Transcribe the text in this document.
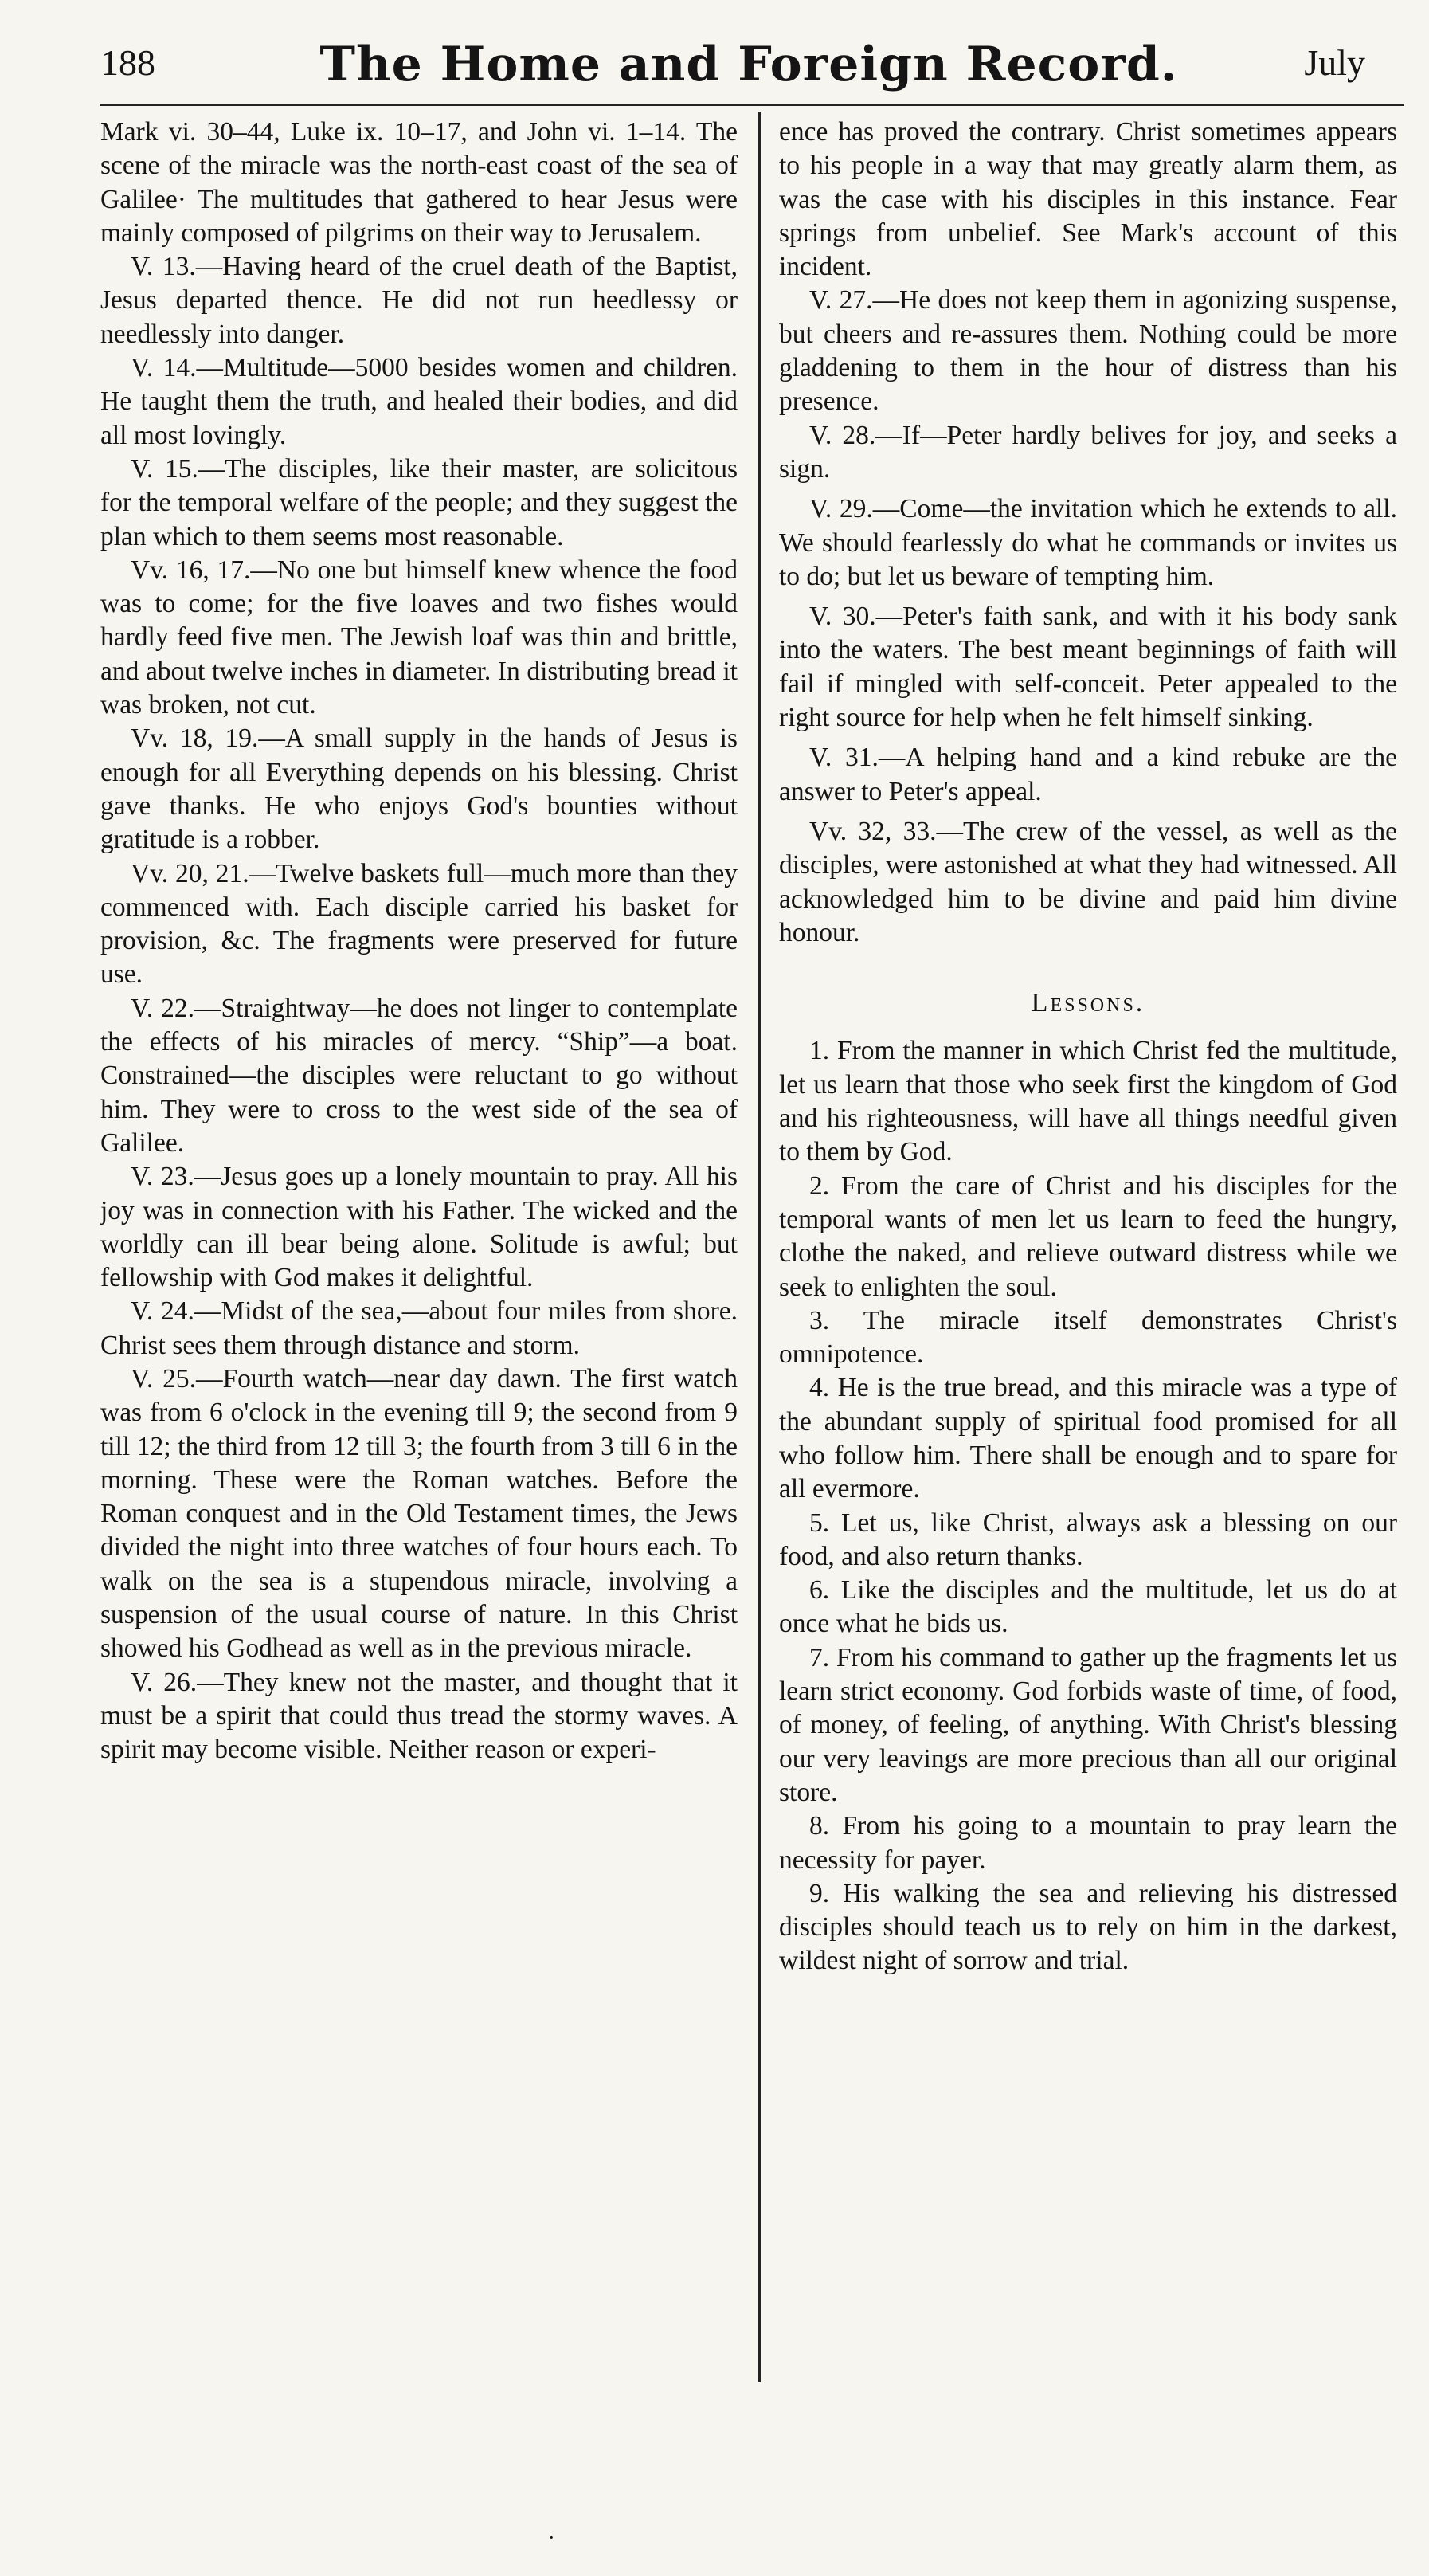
188	The Home and Foreign Record.	July

Mark vi. 30–44, Luke ix. 10–17, and John vi. 1–14. The scene of the miracle was the north-east coast of the sea of Galilee· The multitudes that gathered to hear Jesus were mainly composed of pilgrims on their way to Jerusalem.

V. 13.—Having heard of the cruel death of the Baptist, Jesus departed thence. He did not run heedlessy or needlessly into danger.

V. 14.—Multitude—5000 besides women and children. He taught them the truth, and healed their bodies, and did all most lovingly.

V. 15.—The disciples, like their master, are solicitous for the temporal welfare of the people; and they suggest the plan which to them seems most reasonable.

Vv. 16, 17.—No one but himself knew whence the food was to come; for the five loaves and two fishes would hardly feed five men. The Jewish loaf was thin and brittle, and about twelve inches in diameter. In distributing bread it was broken, not cut.

Vv. 18, 19.—A small supply in the hands of Jesus is enough for all Everything depends on his blessing. Christ gave thanks. He who enjoys God's bounties without gratitude is a robber.

Vv. 20, 21.—Twelve baskets full—much more than they commenced with. Each disciple carried his basket for provision, &c. The fragments were preserved for future use.

V. 22.—Straightway—he does not linger to contemplate the effects of his miracles of mercy. “Ship”—a boat. Constrained—the disciples were reluctant to go without him. They were to cross to the west side of the sea of Galilee.

V. 23.—Jesus goes up a lonely mountain to pray. All his joy was in connection with his Father. The wicked and the worldly can ill bear being alone. Solitude is awful; but fellowship with God makes it delightful.

V. 24.—Midst of the sea,—about four miles from shore. Christ sees them through distance and storm.

V. 25.—Fourth watch—near day dawn. The first watch was from 6 o'clock in the evening till 9; the second from 9 till 12; the third from 12 till 3; the fourth from 3 till 6 in the morning. These were the Roman watches. Before the Roman conquest and in the Old Testament times, the Jews divided the night into three watches of four hours each. To walk on the sea is a stupendous miracle, involving a suspension of the usual course of nature. In this Christ showed his Godhead as well as in the previous miracle.

V. 26.—They knew not the master, and thought that it must be a spirit that could thus tread the stormy waves. A spirit may become visible. Neither reason or experi-

ence has proved the contrary. Christ sometimes appears to his people in a way that may greatly alarm them, as was the case with his disciples in this instance. Fear springs from unbelief. See Mark's account of this incident.

V. 27.—He does not keep them in agonizing suspense, but cheers and re-assures them. Nothing could be more gladdening to them in the hour of distress than his presence.

V. 28.—If—Peter hardly belives for joy, and seeks a sign.

V. 29.—Come—the invitation which he extends to all. We should fearlessly do what he commands or invites us to do; but let us beware of tempting him.

V. 30.—Peter's faith sank, and with it his body sank into the waters. The best meant beginnings of faith will fail if mingled with self-conceit. Peter appealed to the right source for help when he felt himself sinking.

V. 31.—A helping hand and a kind rebuke are the answer to Peter's appeal.

Vv. 32, 33.—The crew of the vessel, as well as the disciples, were astonished at what they had witnessed. All acknowledged him to be divine and paid him divine honour.

Lessons.

1. From the manner in which Christ fed the multitude, let us learn that those who seek first the kingdom of God and his righteousness, will have all things needful given to them by God.

2. From the care of Christ and his disciples for the temporal wants of men let us learn to feed the hungry, clothe the naked, and relieve outward distress while we seek to enlighten the soul.

3. The miracle itself demonstrates Christ's omnipotence.

4. He is the true bread, and this miracle was a type of the abundant supply of spiritual food promised for all who follow him. There shall be enough and to spare for all evermore.

5. Let us, like Christ, always ask a blessing on our food, and also return thanks.

6. Like the disciples and the multitude, let us do at once what he bids us.

7. From his command to gather up the fragments let us learn strict economy. God forbids waste of time, of food, of money, of feeling, of anything. With Christ's blessing our very leavings are more precious than all our original store.

8. From his going to a mountain to pray learn the necessity for payer.

9. His walking the sea and relieving his distressed disciples should teach us to rely on him in the darkest, wildest night of sorrow and trial.

·
